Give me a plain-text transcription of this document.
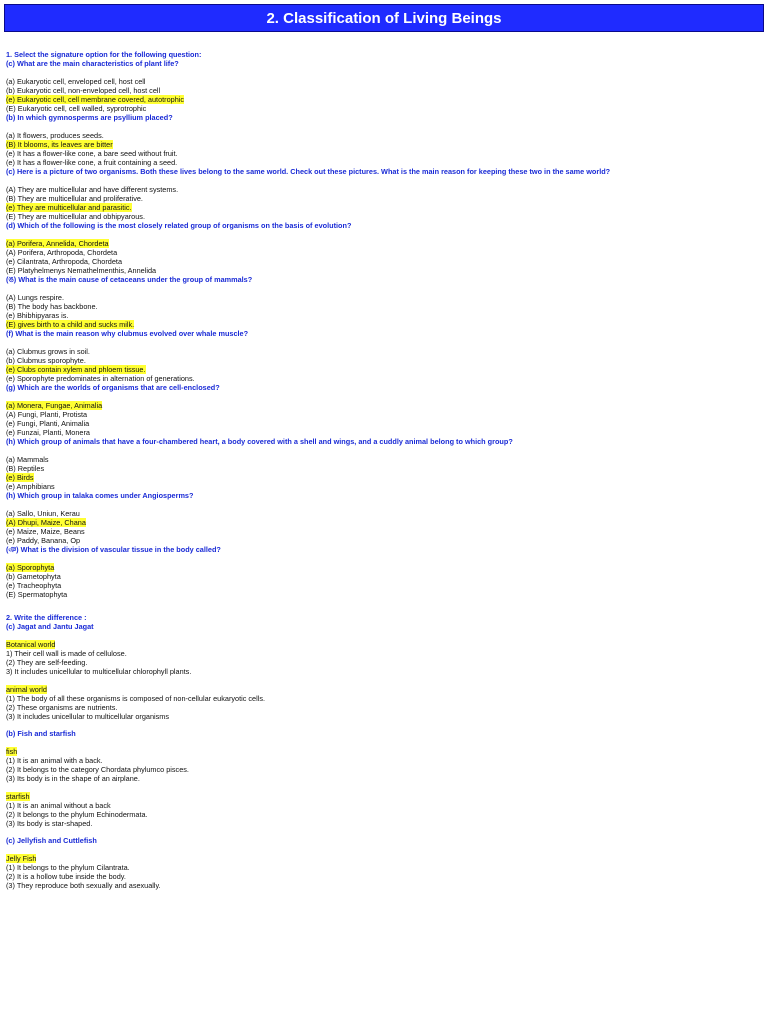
2. Classification of Living Beings
1. Select the signature option for the following question:
(c) What are the main characteristics of plant life?
(a) Eukaryotic cell, enveloped cell, host cell
(b) Eukaryotic cell, non-enveloped cell, host cell
(e) Eukaryotic cell, cell membrane covered, autotrophic
(E) Eukaryotic cell, cell walled, syprotrophic
(b) In which gymnosperms are psyllium placed?
(a) It flowers, produces seeds.
(B) It blooms, its leaves are bitter
(e) It has a flower-like cone, a bare seed without fruit.
(e) It has a flower-like cone, a fruit containing a seed.
(c) Here is a picture of two organisms. Both these lives belong to the same world. Check out these pictures. What is the main reason for keeping these two in the same world?
(A) They are multicellular and have different systems.
(B) They are multicellular and proliferative.
(e) They are multicellular and parasitic.
(E) They are multicellular and obhipyarous.
(d) Which of the following is the most closely related group of organisms on the basis of evolution?
(a) Porifera, Annelida, Chordeta
(A) Porifera, Arthropoda, Chordeta
(e) Cilantrata, Arthropoda, Chordeta
(E) Platyhelmenys Nemathelmenthis, Annelida
(ঙ) What is the main cause of cetaceans under the group of mammals?
(A) Lungs respire.
(B) The body has backbone.
(e) Bhibhipyaras is.
(E) gives birth to a child and sucks milk.
(f) What is the main reason why clubmus evolved over whale muscle?
(a) Clubmus grows in soil.
(b) Clubmus sporophyte.
(e) Clubs contain xylem and phloem tissue.
(e) Sporophyte predominates in alternation of generations.
(g) Which are the worlds of organisms that are cell-enclosed?
(a) Monera, Fungae, Animalia
(A) Fungi, Planti, Protista
(e) Fungi, Planti, Animalia
(e) Funzai, Planti, Monera
(h) Which group of animals that have a four-chambered heart, a body covered with a shell and wings, and a cuddly animal belong to which group?
(a) Mammals
(B) Reptiles
(e) Birds
(e) Amphibians
(h) Which group in talaka comes under Angiosperms?
(a) Sallo, Uniun, Kerau
(A) Dhupi, Maize, Chana
(e) Maize, Maize, Beans
(e) Paddy, Banana, Op
(ঞ) What is the division of vascular tissue in the body called?
(a) Sporophyta
(b) Gametophyta
(e) Tracheophyta
(E) Spermatophyta
2. Write the difference :
(c) Jagat and Jantu Jagat
Botanical world
1) Their cell wall is made of cellulose.
(2) They are self-feeding.
3) It includes unicellular to multicellular chlorophyll plants.
animal world
(1) The body of all these organisms is composed of non-cellular eukaryotic cells.
(2) These organisms are nutrients.
(3) It includes unicellular to multicellular organisms
(b) Fish and starfish
fish
(1) It is an animal with a back.
(2) It belongs to the category Chordata phylumco pisces.
(3) Its body is in the shape of an airplane.
starfish
(1) It is an animal without a back
(2) It belongs to the phylum Echinodermata.
(3) Its body is star-shaped.
(c) Jellyfish and Cuttlefish
Jelly Fish
(1) It belongs to the phylum Cilantrata.
(2) It is a hollow tube inside the body.
(3) They reproduce both sexually and asexually.
